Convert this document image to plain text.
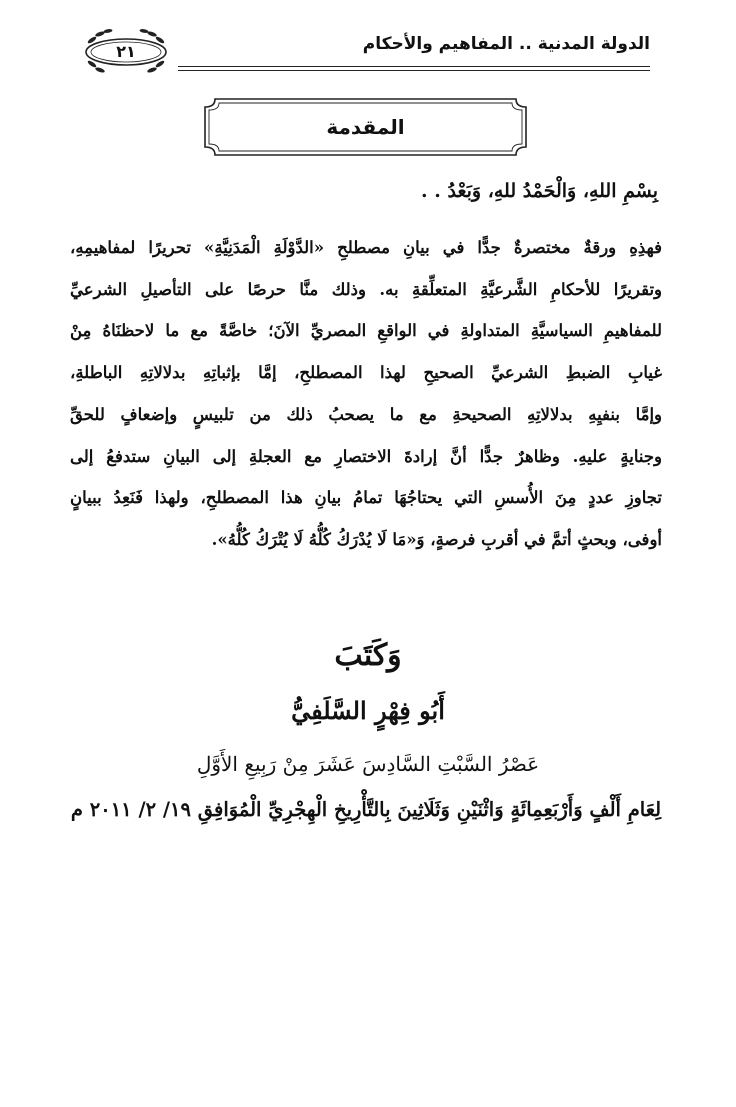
٢١	الدولة المدنية .. المفاهيم والأحكام
المقدمة
بِسْمِ اللهِ، وَالْحَمْدُ للهِ، وَبَعْدُ . .
فهذِهِ ورقةٌ مختصرةٌ جدًّا في بيانِ مصطلحِ «الدَّوْلَةِ الْمَدَنِيَّةِ» تحريرًا لمفاهيمِهِ،
وتقريرًا للأحكامِ الشَّرعيَّةِ المتعلِّقةِ به. وذلك منَّا حرصًا على التأصيلِ الشرعيِّ
للمفاهيمِ السياسيَّةِ المتداولةِ في الواقعِ المصريِّ الآنَ؛ خاصَّةً مع ما لاحظنَاهُ مِنْ
غيابِ الضبطِ الشرعيِّ الصحيحِ لهذا المصطلحِ، إمَّا بإثباتِهِ بدلالاتِهِ الباطلةِ،
وإمَّا بنفيِهِ بدلالاتِهِ الصحيحةِ مع ما يصحبُ ذلك من تلبيسٍ وإضعافٍ للحقِّ
وجنايةٍ عليهِ. وظاهرٌ جدًّا أنَّ إرادةَ الاختصارِ مع العجلةِ إلى البيانِ ستدفعُ إلى
تجاوزِ عددٍ مِنَ الأُسسِ التي يحتاجُهَا تمامُ بيانِ هذا المصطلحِ، ولهذا فَنَعِدُ ببيانٍ
أوفى، وبحثٍ أتمَّ في أقربِ فرصةٍ، وَ«مَا لَا يُدْرَكُ كُلُّهُ لَا يُتْرَكُ كُلُّهُ».
وَكَتَبَ
أَبُو فِهْرٍ السَّلَفِيُّ
عَصْرُ السَّبْتِ السَّادِسَ عَشَرَ مِنْ رَبِيعِ الأَوَّلِ
لِعَامِ أَلْفٍ وَأَرْبَعِمِائَةٍ وَاثْنَيْنِ وَثَلَاثِينَ بِالتَّأْرِيخِ الْهِجْرِيِّ الْمُوَافِقِ ١٩/ ٢/ ٢٠١١ م
